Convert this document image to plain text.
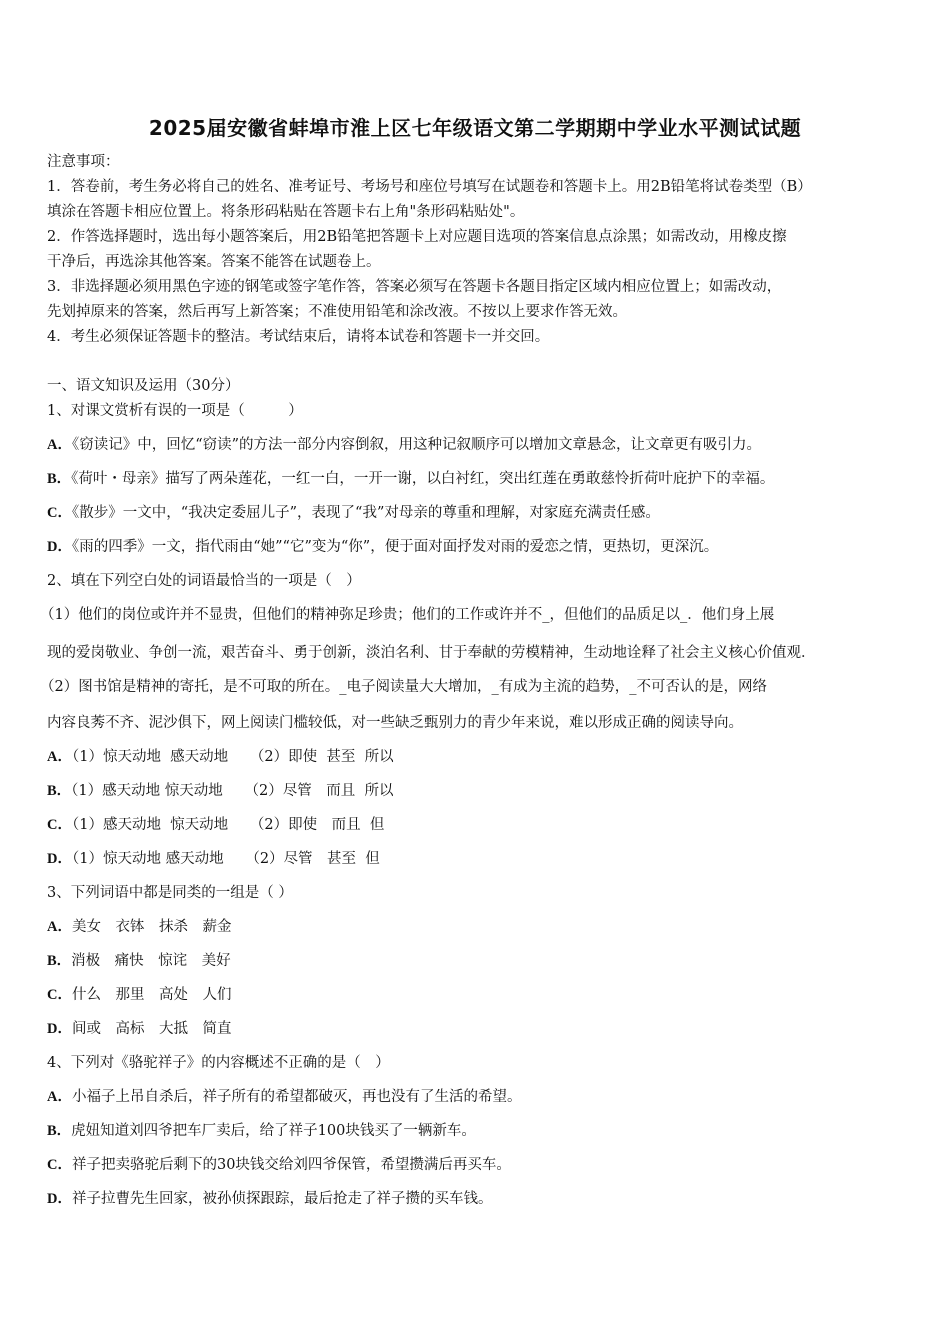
2025届安徽省蚌埠市淮上区七年级语文第二学期期中学业水平测试试题
注意事项：
1．答卷前，考生务必将自己的姓名、准考证号、考场号和座位号填写在试题卷和答题卡上。用2B铅笔将试卷类型（B）
填涂在答题卡相应位置上。将条形码粘贴在答题卡右上角"条形码粘贴处"。
2．作答选择题时，选出每小题答案后，用2B铅笔把答题卡上对应题目选项的答案信息点涂黑；如需改动，用橡皮擦
干净后，再选涂其他答案。答案不能答在试题卷上。
3．非选择题必须用黑色字迹的钢笔或签字笔作答，答案必须写在答题卡各题目指定区域内相应位置上；如需改动，
先划掉原来的答案，然后再写上新答案；不准使用铅笔和涂改液。不按以上要求作答无效。
4．考生必须保证答题卡的整洁。考试结束后，请将本试卷和答题卡一并交回。
一、语文知识及运用（30分）
1、对课文赏析有误的一项是（　　　）
A．《窃读记》中，回忆“窃读”的方法一部分内容倒叙，用这种记叙顺序可以增加文章悬念，让文章更有吸引力。
B．《荷叶・母亲》描写了两朵莲花，一红一白，一开一谢，以白衬红，突出红莲在勇敢慈怜折荷叶庇护下的幸福。
C．《散步》一文中，“我决定委屈儿子”，表现了“我”对母亲的尊重和理解，对家庭充满责任感。
D．《雨的四季》一文，指代雨由“她”“它”变为“你”，便于面对面抒发对雨的爱恋之情，更热切，更深沉。
2、填在下列空白处的词语最恰当的一项是（　）
（1）他们的岗位或许并不显贵，但他们的精神弥足珍贵；他们的工作或许并不_，但他们的品质足以_．他们身上展
现的爱岗敬业、争创一流，艰苦奋斗、勇于创新，淡泊名利、甘于奉献的劳模精神，生动地诠释了社会主义核心价值观．
（2）图书馆是精神的寄托，是不可取的所在。_电子阅读量大大增加，_有成为主流的趋势，_不可否认的是，网络
内容良莠不齐、泥沙俱下，网上阅读门槛较低，对一些缺乏甄别力的青少年来说，难以形成正确的阅读导向。
A．（1）惊天动地  感天动地　　（2）即使  甚至  所以
B．（1）感天动地 惊天动地　　（2）尽管　而且  所以
C．（1）感天动地  惊天动地　　（2）即使　而且  但
D．（1）惊天动地 感天动地　　（2）尽管　甚至  但
3、下列词语中都是同类的一组是（ ）
A．美女　衣钵　抹杀　薪金
B．消极　痛快　惊诧　美好
C．什么　那里　高处　人们
D．间或　高标　大抵　简直
4、下列对《骆驼祥子》的内容概述不正确的是（　）
A．小福子上吊自杀后，祥子所有的希望都破灭，再也没有了生活的希望。
B．虎妞知道刘四爷把车厂卖后，给了祥子100块钱买了一辆新车。
C．祥子把卖骆驼后剩下的30块钱交给刘四爷保管，希望攒满后再买车。
D．祥子拉曹先生回家，被孙侦探跟踪，最后抢走了祥子攒的买车钱。
